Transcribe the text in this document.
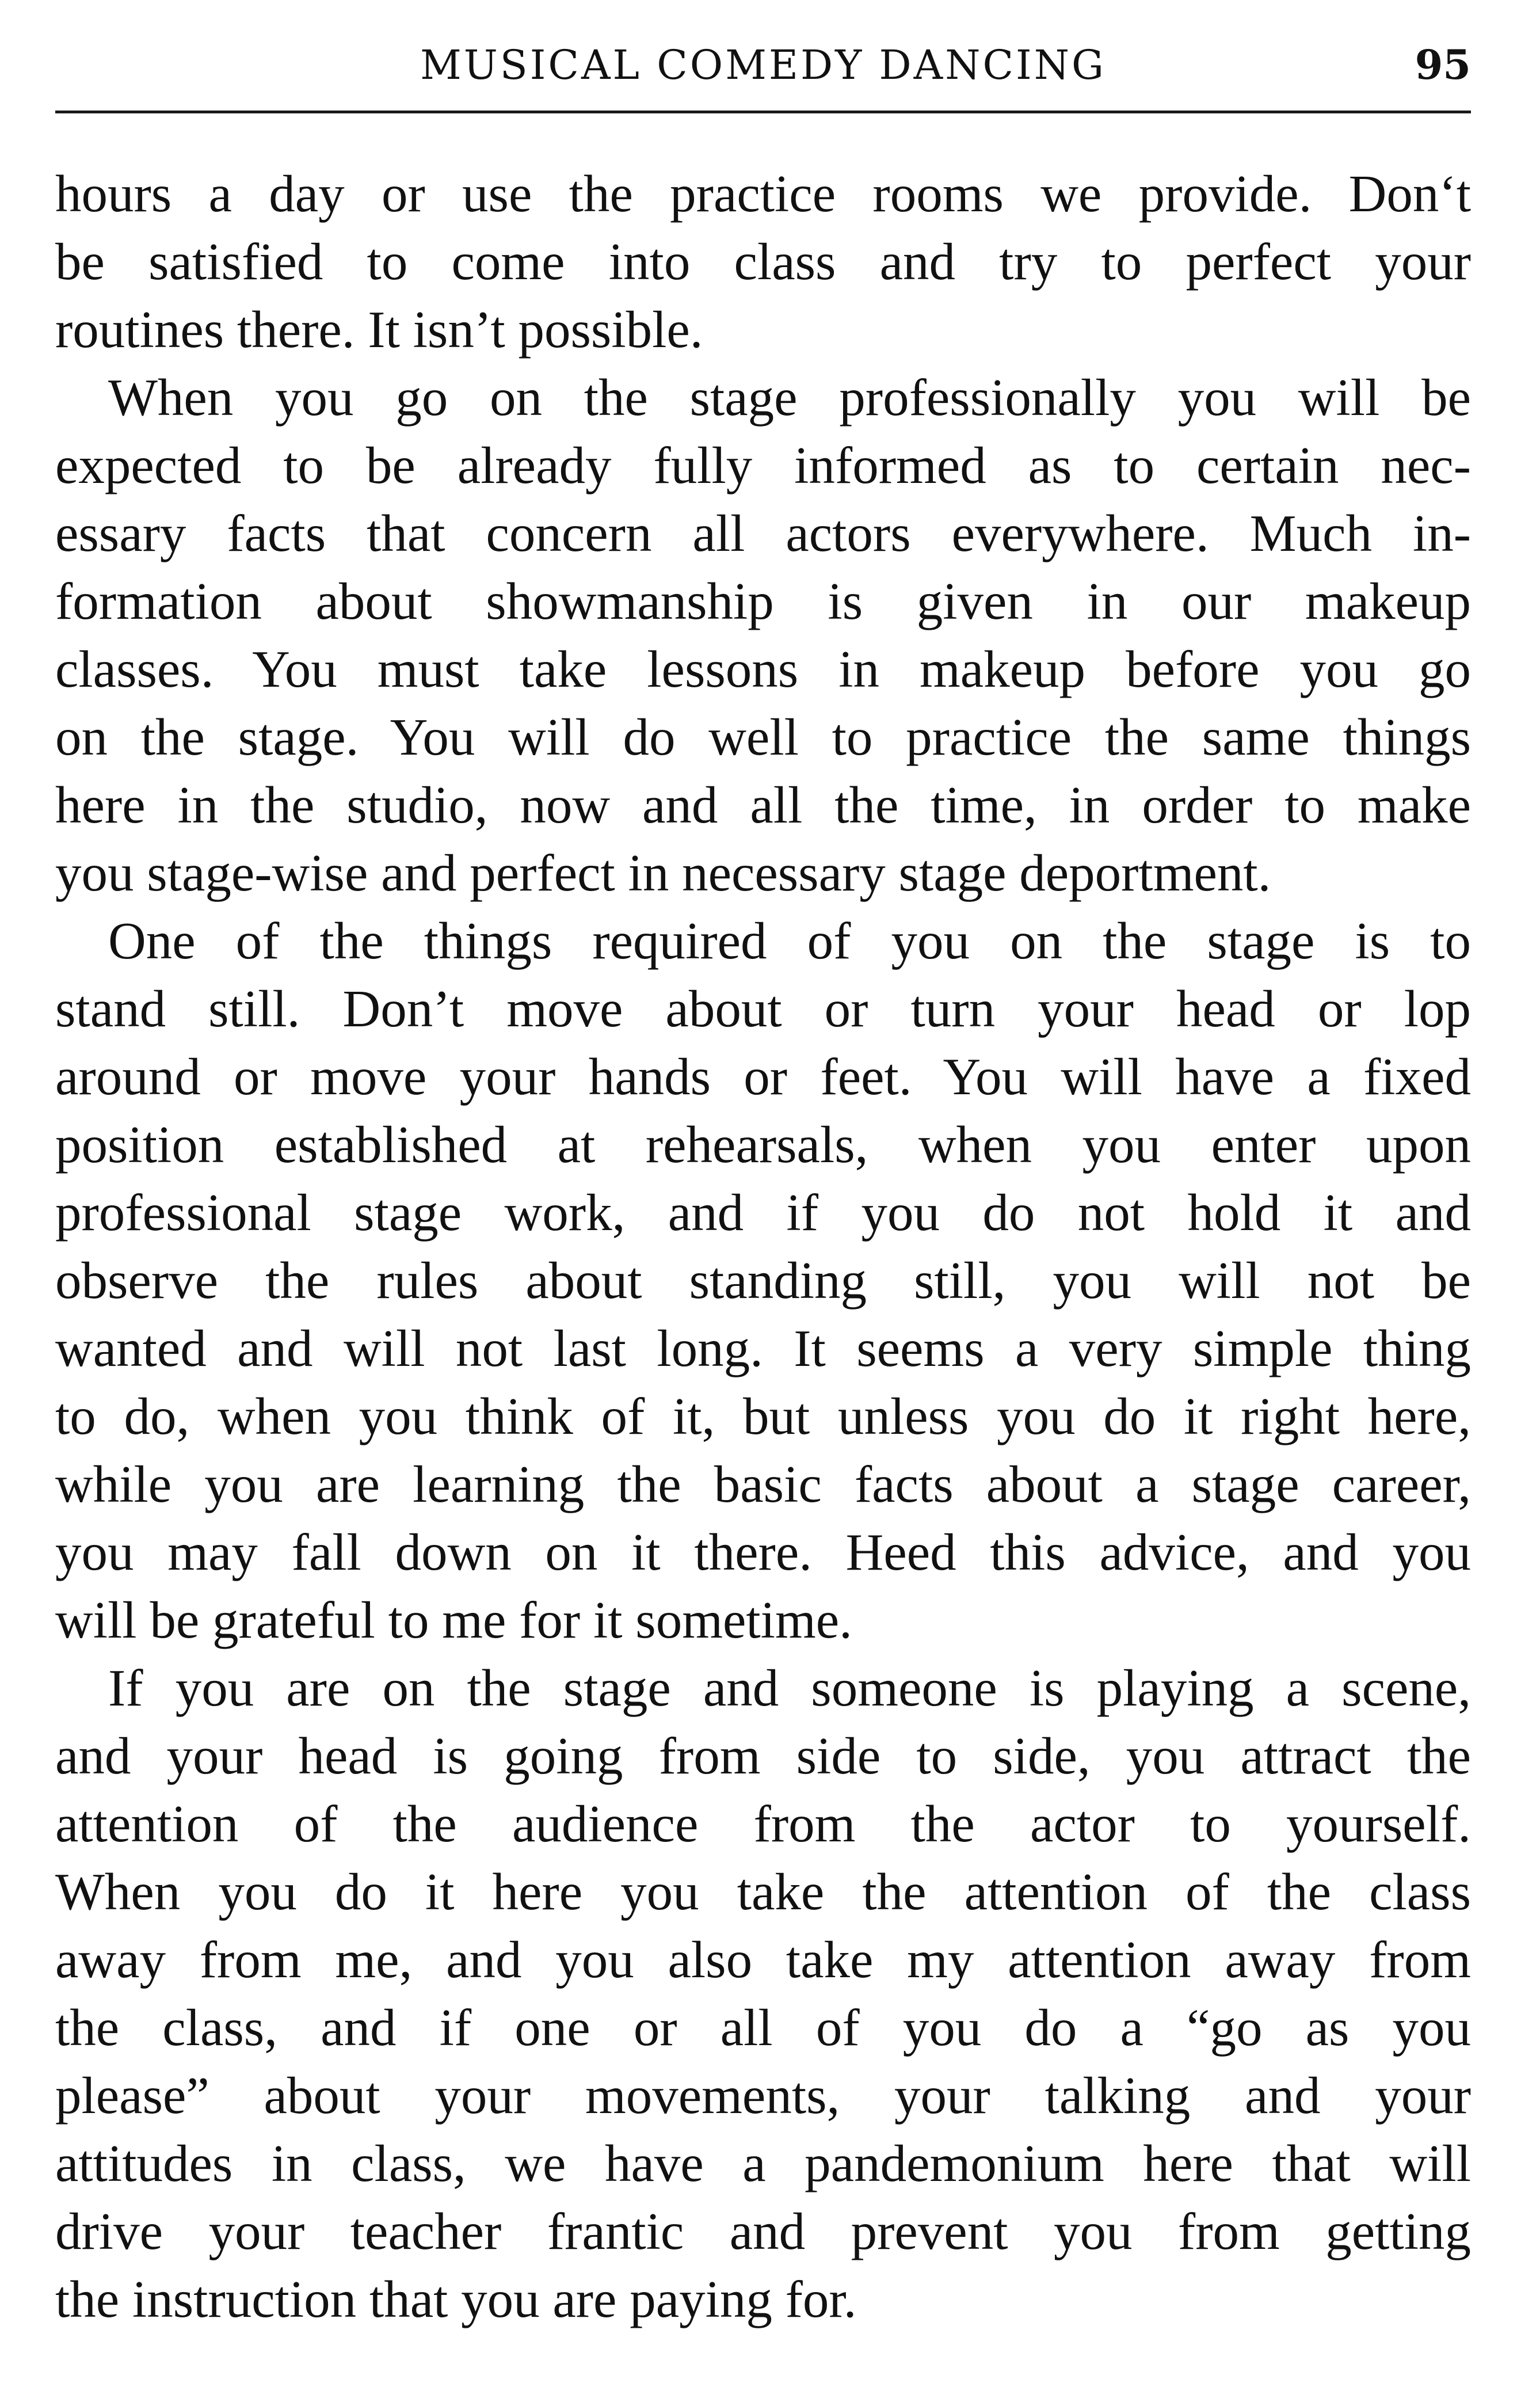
MUSICAL COMEDY DANCING	95
hours a day or use the practice rooms we provide. Don‘t
be satisfied to come into class and try to perfect your
routines there. It isn’t possible.
When you go on the stage professionally you will be
expected to be already fully informed as to certain nec-
essary facts that concern all actors everywhere. Much in-
formation about showmanship is given in our makeup
classes. You must take lessons in makeup before you go
on the stage. You will do well to practice the same things
here in the studio, now and all the time, in order to make
you stage-wise and perfect in necessary stage deportment.
One of the things required of you on the stage is to
stand still. Don’t move about or turn your head or lop
around or move your hands or feet. You will have a fixed
position established at rehearsals, when you enter upon
professional stage work, and if you do not hold it and
observe the rules about standing still, you will not be
wanted and will not last long. It seems a very simple thing
to do, when you think of it, but unless you do it right here,
while you are learning the basic facts about a stage career,
you may fall down on it there. Heed this advice, and you
will be grateful to me for it sometime.
If you are on the stage and someone is playing a scene,
and your head is going from side to side, you attract the
attention of the audience from the actor to yourself.
When you do it here you take the attention of the class
away from me, and you also take my attention away from
the class, and if one or all of you do a “go as you
please” about your movements, your talking and your
attitudes in class, we have a pandemonium here that will
drive your teacher frantic and prevent you from getting
the instruction that you are paying for.
